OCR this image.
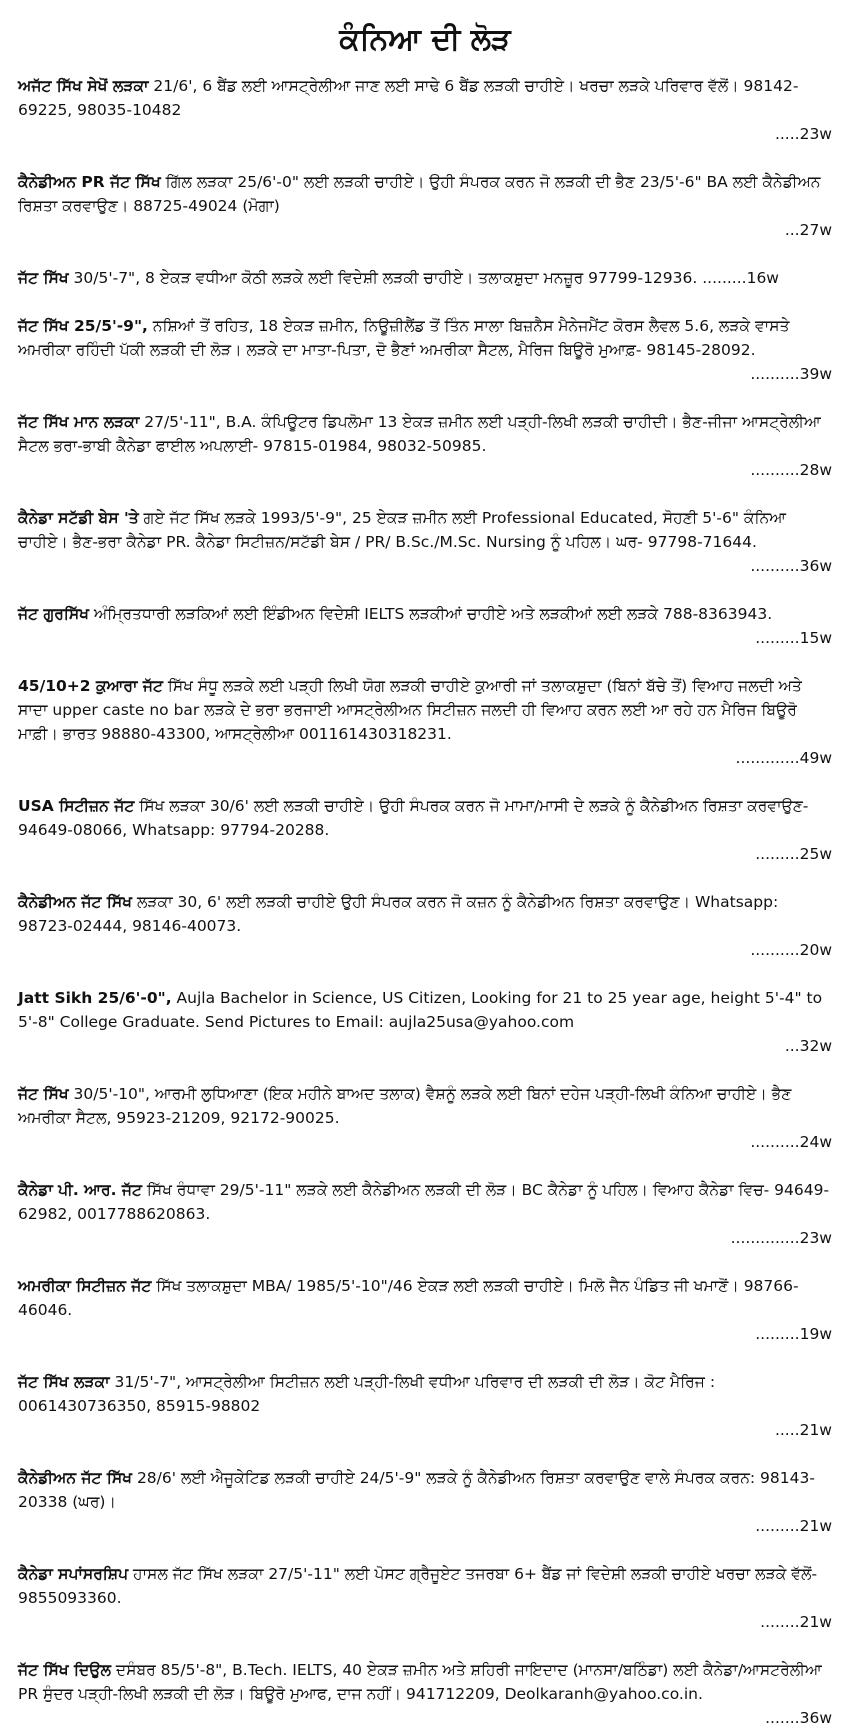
ਕੰਨਿਆ ਦੀ ਲੋੜ
ਅਜੱਟ ਸਿੱਖ ਸੇਖੋਂ ਲੜਕਾ 21/6', 6 ਬੈਂਡ ਲਈ ਆਸਟ੍ਰੇਲੀਆ ਜਾਣ ਲਈ ਸਾਢੇ 6 ਬੈਂਡ ਲੜਕੀ ਚਾਹੀਏ। ਖਰਚਾ ਲੜਕੇ ਪਰਿਵਾਰ ਵੱਲੋਂ। 98142-69225, 98035-10482
.....23w
ਕੈਨੇਡੀਅਨ PR ਜੱਟ ਸਿੱਖ ਗਿੱਲ ਲੜਕਾ 25/6'-0" ਲਈ ਲੜਕੀ ਚਾਹੀਏ। ਉਹੀ ਸੰਪਰਕ ਕਰਨ ਜੋ ਲੜਕੀ ਦੀ ਭੈਣ 23/5'-6" BA ਲਈ ਕੈਨੇਡੀਅਨ ਰਿਸ਼ਤਾ ਕਰਵਾਉਣ। 88725-49024 (ਮੋਗਾ)
...27w
ਜੱਟ ਸਿੱਖ 30/5'-7", 8 ਏਕੜ ਵਧੀਆ ਕੋਠੀ ਲੜਕੇ ਲਈ ਵਿਦੇਸ਼ੀ ਲੜਕੀ ਚਾਹੀਏ। ਤਲਾਕਸ਼ੁਦਾ ਮਨਜ਼ੂਰ 97799-12936. .........16w
ਜੱਟ ਸਿੱਖ 25/5'-9", ਨਸ਼ਿਆਂ ਤੋਂ ਰਹਿਤ, 18 ਏਕੜ ਜ਼ਮੀਨ, ਨਿਊਜ਼ੀਲੈਂਡ ਤੋਂ ਤਿੰਨ ਸਾਲਾ ਬਿਜ਼ਨੈਸ ਮੈਨੇਜਮੈਂਟ ਕੋਰਸ ਲੈਵਲ 5.6, ਲੜਕੇ ਵਾਸਤੇ ਅਮਰੀਕਾ ਰਹਿੰਦੀ ਪੱਕੀ ਲੜਕੀ ਦੀ ਲੋੜ। ਲੜਕੇ ਦਾ ਮਾਤਾ-ਪਿਤਾ, ਦੋ ਭੈਣਾਂ ਅਮਰੀਕਾ ਸੈਟਲ, ਮੈਰਿਜ ਬਿਊਰੋ ਮੁਆਫ਼- 98145-28092.
..........39w
ਜੱਟ ਸਿੱਖ ਮਾਨ ਲੜਕਾ 27/5'-11", B.A. ਕੰਪਿਊਟਰ ਡਿਪਲੋਮਾ 13 ਏਕੜ ਜ਼ਮੀਨ ਲਈ ਪੜ੍ਹੀ-ਲਿਖੀ ਲੜਕੀ ਚਾਹੀਦੀ। ਭੈਣ-ਜੀਜਾ ਆਸਟ੍ਰੇਲੀਆ ਸੈਟਲ ਭਰਾ-ਭਾਬੀ ਕੈਨੇਡਾ ਫਾਈਲ ਅਪਲਾਈ- 97815-01984, 98032-50985.
..........28w
ਕੈਨੇਡਾ ਸਟੱਡੀ ਬੇਸ 'ਤੇ ਗਏ ਜੱਟ ਸਿੱਖ ਲੜਕੇ 1993/5'-9", 25 ਏਕੜ ਜ਼ਮੀਨ ਲਈ Professional Educated, ਸੋਹਣੀ 5'-6" ਕੰਨਿਆ ਚਾਹੀਏ। ਭੈਣ-ਭਰਾ ਕੈਨੇਡਾ PR. ਕੈਨੇਡਾ ਸਿਟੀਜ਼ਨ/ਸਟੱਡੀ ਬੇਸ / PR/ B.Sc./M.Sc. Nursing ਨੂੰ ਪਹਿਲ। ਘਰ- 97798-71644.
..........36w
ਜੱਟ ਗੁਰਸਿੱਖ ਅੰਮ੍ਰਿਤਧਾਰੀ ਲੜਕਿਆਂ ਲਈ ਇੰਡੀਅਨ ਵਿਦੇਸ਼ੀ IELTS ਲੜਕੀਆਂ ਚਾਹੀਏ ਅਤੇ ਲੜਕੀਆਂ ਲਈ ਲੜਕੇ 788-8363943.
.........15w
45/10+2 ਕੁਆਰਾ ਜੱਟ ਸਿੱਖ ਸੰਧੂ ਲੜਕੇ ਲਈ ਪੜ੍ਹੀ ਲਿਖੀ ਯੋਗ ਲੜਕੀ ਚਾਹੀਏ ਕੁਆਰੀ ਜਾਂ ਤਲਾਕਸ਼ੁਦਾ (ਬਿਨਾਂ ਬੱਚੇ ਤੋਂ) ਵਿਆਹ ਜਲਦੀ ਅਤੇ ਸਾਦਾ upper caste no bar ਲੜਕੇ ਦੇ ਭਰਾ ਭਰਜਾਈ ਆਸਟ੍ਰੇਲੀਅਨ ਸਿਟੀਜ਼ਨ ਜਲਦੀ ਹੀ ਵਿਆਹ ਕਰਨ ਲਈ ਆ ਰਹੇ ਹਨ ਮੈਰਿਜ ਬਿਊਰੋ ਮਾਫ਼ੀ। ਭਾਰਤ 98880-43300, ਆਸਟ੍ਰੇਲੀਆ 001161430318231.
.............49w
USA ਸਿਟੀਜ਼ਨ ਜੱਟ ਸਿੱਖ ਲੜਕਾ 30/6' ਲਈ ਲੜਕੀ ਚਾਹੀਏ। ਉਹੀ ਸੰਪਰਕ ਕਰਨ ਜੋ ਮਾਮਾ/ਮਾਸੀ ਦੇ ਲੜਕੇ ਨੂੰ ਕੈਨੇਡੀਅਨ ਰਿਸ਼ਤਾ ਕਰਵਾਉਣ- 94649-08066, Whatsapp: 97794-20288.
.........25w
ਕੈਨੇਡੀਅਨ ਜੱਟ ਸਿੱਖ ਲੜਕਾ 30, 6' ਲਈ ਲੜਕੀ ਚਾਹੀਏ ਉਹੀ ਸੰਪਰਕ ਕਰਨ ਜੋ ਕਜ਼ਨ ਨੂੰ ਕੈਨੇਡੀਅਨ ਰਿਸ਼ਤਾ ਕਰਵਾਉਣ। Whatsapp: 98723-02444, 98146-40073.
..........20w
Jatt Sikh 25/6'-0", Aujla Bachelor in Science, US Citizen, Looking for 21 to 25 year age, height 5'-4" to 5'-8" College Graduate. Send Pictures to Email: aujla25usa@yahoo.com
...32w
ਜੱਟ ਸਿੱਖ 30/5'-10", ਆਰਮੀ ਲੁਧਿਆਣਾ (ਇਕ ਮਹੀਨੇ ਬਾਅਦ ਤਲਾਕ) ਵੈਸ਼ਨੂੰ ਲੜਕੇ ਲਈ ਬਿਨਾਂ ਦਹੇਜ ਪੜ੍ਹੀ-ਲਿਖੀ ਕੰਨਿਆ ਚਾਹੀਏ। ਭੈਣ ਅਮਰੀਕਾ ਸੈਟਲ, 95923-21209, 92172-90025.
..........24w
ਕੈਨੇਡਾ ਪੀ. ਆਰ. ਜੱਟ ਸਿੱਖ ਰੰਧਾਵਾ 29/5'-11" ਲੜਕੇ ਲਈ ਕੈਨੇਡੀਅਨ ਲੜਕੀ ਦੀ ਲੋੜ। BC ਕੈਨੇਡਾ ਨੂੰ ਪਹਿਲ। ਵਿਆਹ ਕੈਨੇਡਾ ਵਿਚ- 94649-62982, 0017788620863.
..............23w
ਅਮਰੀਕਾ ਸਿਟੀਜ਼ਨ ਜੱਟ ਸਿੱਖ ਤਲਾਕਸ਼ੁਦਾ MBA/ 1985/5'-10"/46 ਏਕੜ ਲਈ ਲੜਕੀ ਚਾਹੀਏ। ਮਿਲੋ ਜੈਨ ਪੰਡਿਤ ਜੀ ਖਮਾਣੋਂ। 98766-46046.
.........19w
ਜੱਟ ਸਿੱਖ ਲੜਕਾ 31/5'-7", ਆਸਟ੍ਰੇਲੀਆ ਸਿਟੀਜ਼ਨ ਲਈ ਪੜ੍ਹੀ-ਲਿਖੀ ਵਧੀਆ ਪਰਿਵਾਰ ਦੀ ਲੜਕੀ ਦੀ ਲੋੜ। ਕੋਟ ਮੈਰਿਜ : 0061430736350, 85915-98802
.....21w
ਕੈਨੇਡੀਅਨ ਜੱਟ ਸਿੱਖ 28/6' ਲਈ ਐਜੂਕੇਟਿਡ ਲੜਕੀ ਚਾਹੀਏ 24/5'-9" ਲੜਕੇ ਨੂੰ ਕੈਨੇਡੀਅਨ ਰਿਸ਼ਤਾ ਕਰਵਾਉਣ ਵਾਲੇ ਸੰਪਰਕ ਕਰਨ: 98143-20338 (ਘਰ)।
.........21w
ਕੈਨੇਡਾ ਸਪਾਂਸਰਸ਼ਿਪ ਹਾਸਲ ਜੱਟ ਸਿੱਖ ਲੜਕਾ 27/5'-11" ਲਈ ਪੋਸਟ ਗ੍ਰੈਜੂਏਟ ਤਜਰਬਾ 6+ ਬੈਂਡ ਜਾਂ ਵਿਦੇਸ਼ੀ ਲੜਕੀ ਚਾਹੀਏ ਖਰਚਾ ਲੜਕੇ ਵੱਲੋਂ- 9855093360.
........21w
ਜੱਟ ਸਿੱਖ ਦਿਉਲ ਦਸੰਬਰ 85/5'-8", B.Tech. IELTS, 40 ਏਕੜ ਜ਼ਮੀਨ ਅਤੇ ਸ਼ਹਿਰੀ ਜਾਇਦਾਦ (ਮਾਨਸਾ/ਬਠਿੰਡਾ) ਲਈ ਕੈਨੇਡਾ/ਆਸਟਰੇਲੀਆ PR ਸੁੰਦਰ ਪੜ੍ਹੀ-ਲਿਖੀ ਲੜਕੀ ਦੀ ਲੋੜ। ਬਿਊਰੋ ਮੁਆਫ, ਦਾਜ ਨਹੀਂ। 941712209, Deolkaranh@yahoo.co.in.
.......36w
